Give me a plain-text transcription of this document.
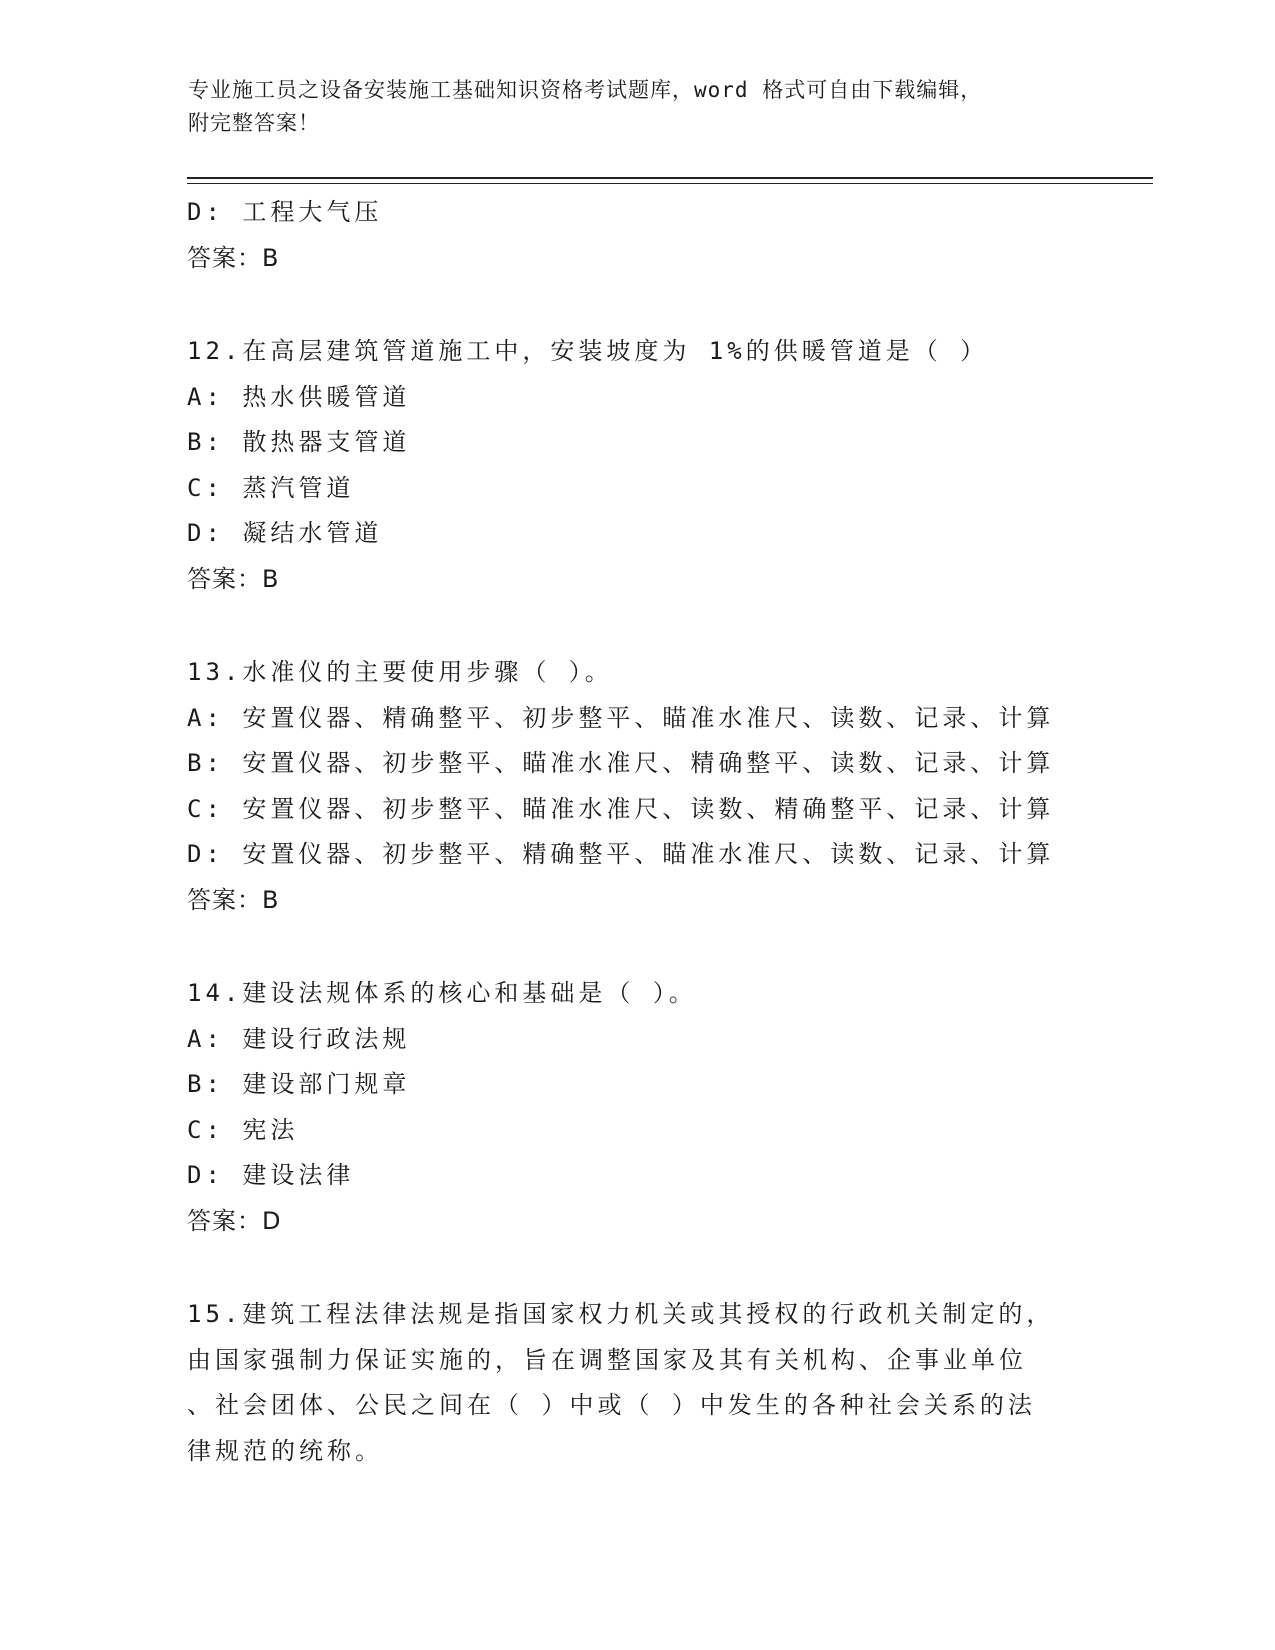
专业施工员之设备安装施工基础知识资格考试题库，word 格式可自由下载编辑，
附完整答案！
D: 工程大气压
答案：B
12.在高层建筑管道施工中，安装坡度为 1%的供暖管道是（ ）
A: 热水供暖管道
B: 散热器支管道
C: 蒸汽管道
D: 凝结水管道
答案：B
13.水准仪的主要使用步骤（ ）。
A: 安置仪器、精确整平、初步整平、瞄准水准尺、读数、记录、计算
B: 安置仪器、初步整平、瞄准水准尺、精确整平、读数、记录、计算
C: 安置仪器、初步整平、瞄准水准尺、读数、精确整平、记录、计算
D: 安置仪器、初步整平、精确整平、瞄准水准尺、读数、记录、计算
答案：B
14.建设法规体系的核心和基础是（ ）。
A: 建设行政法规
B: 建设部门规章
C: 宪法
D: 建设法律
答案：D
15.建筑工程法律法规是指国家权力机关或其授权的行政机关制定的，
由国家强制力保证实施的，旨在调整国家及其有关机构、企事业单位
、社会团体、公民之间在（ ）中或（ ）中发生的各种社会关系的法
律规范的统称。
